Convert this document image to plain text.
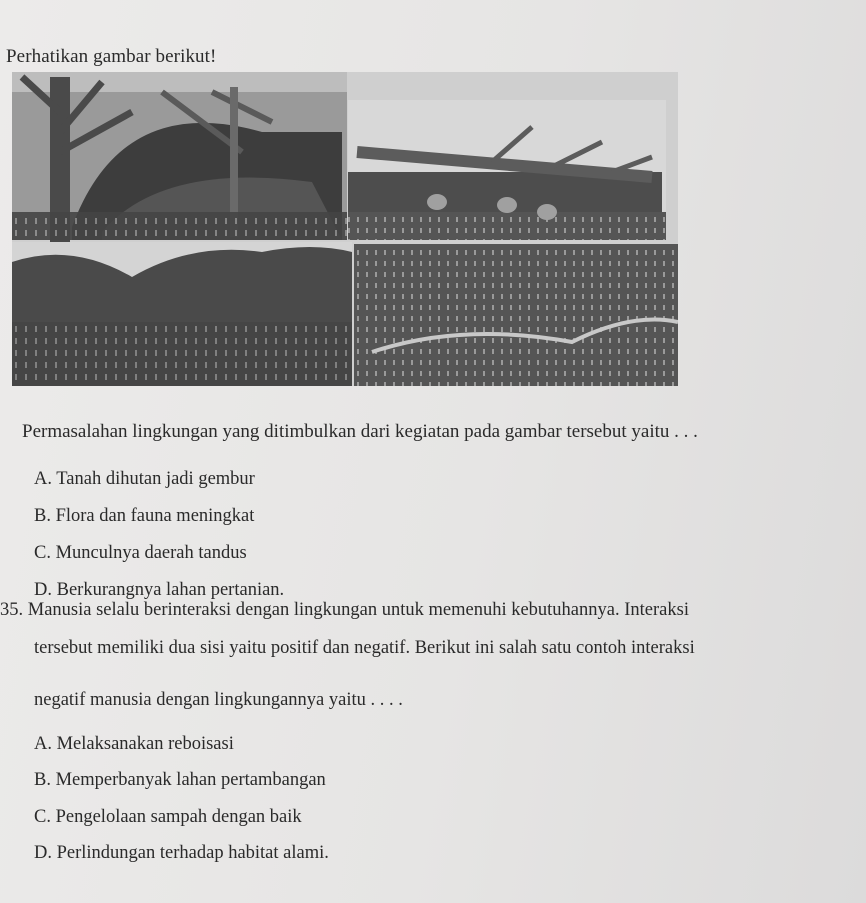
Perhatikan gambar berikut!
Permasalahan lingkungan yang ditimbulkan dari kegiatan pada gambar tersebut yaitu . . .
A. Tanah dihutan jadi gembur
B. Flora dan fauna meningkat
C. Munculnya daerah tandus
D. Berkurangnya lahan pertanian.
35. Manusia selalu berinteraksi dengan lingkungan untuk memenuhi kebutuhannya. Interaksi
tersebut memiliki dua sisi yaitu positif dan negatif. Berikut ini salah satu contoh interaksi
negatif manusia dengan lingkungannya yaitu . . . .
A. Melaksanakan reboisasi
B. Memperbanyak lahan pertambangan
C. Pengelolaan sampah dengan baik
D. Perlindungan terhadap habitat alami.
